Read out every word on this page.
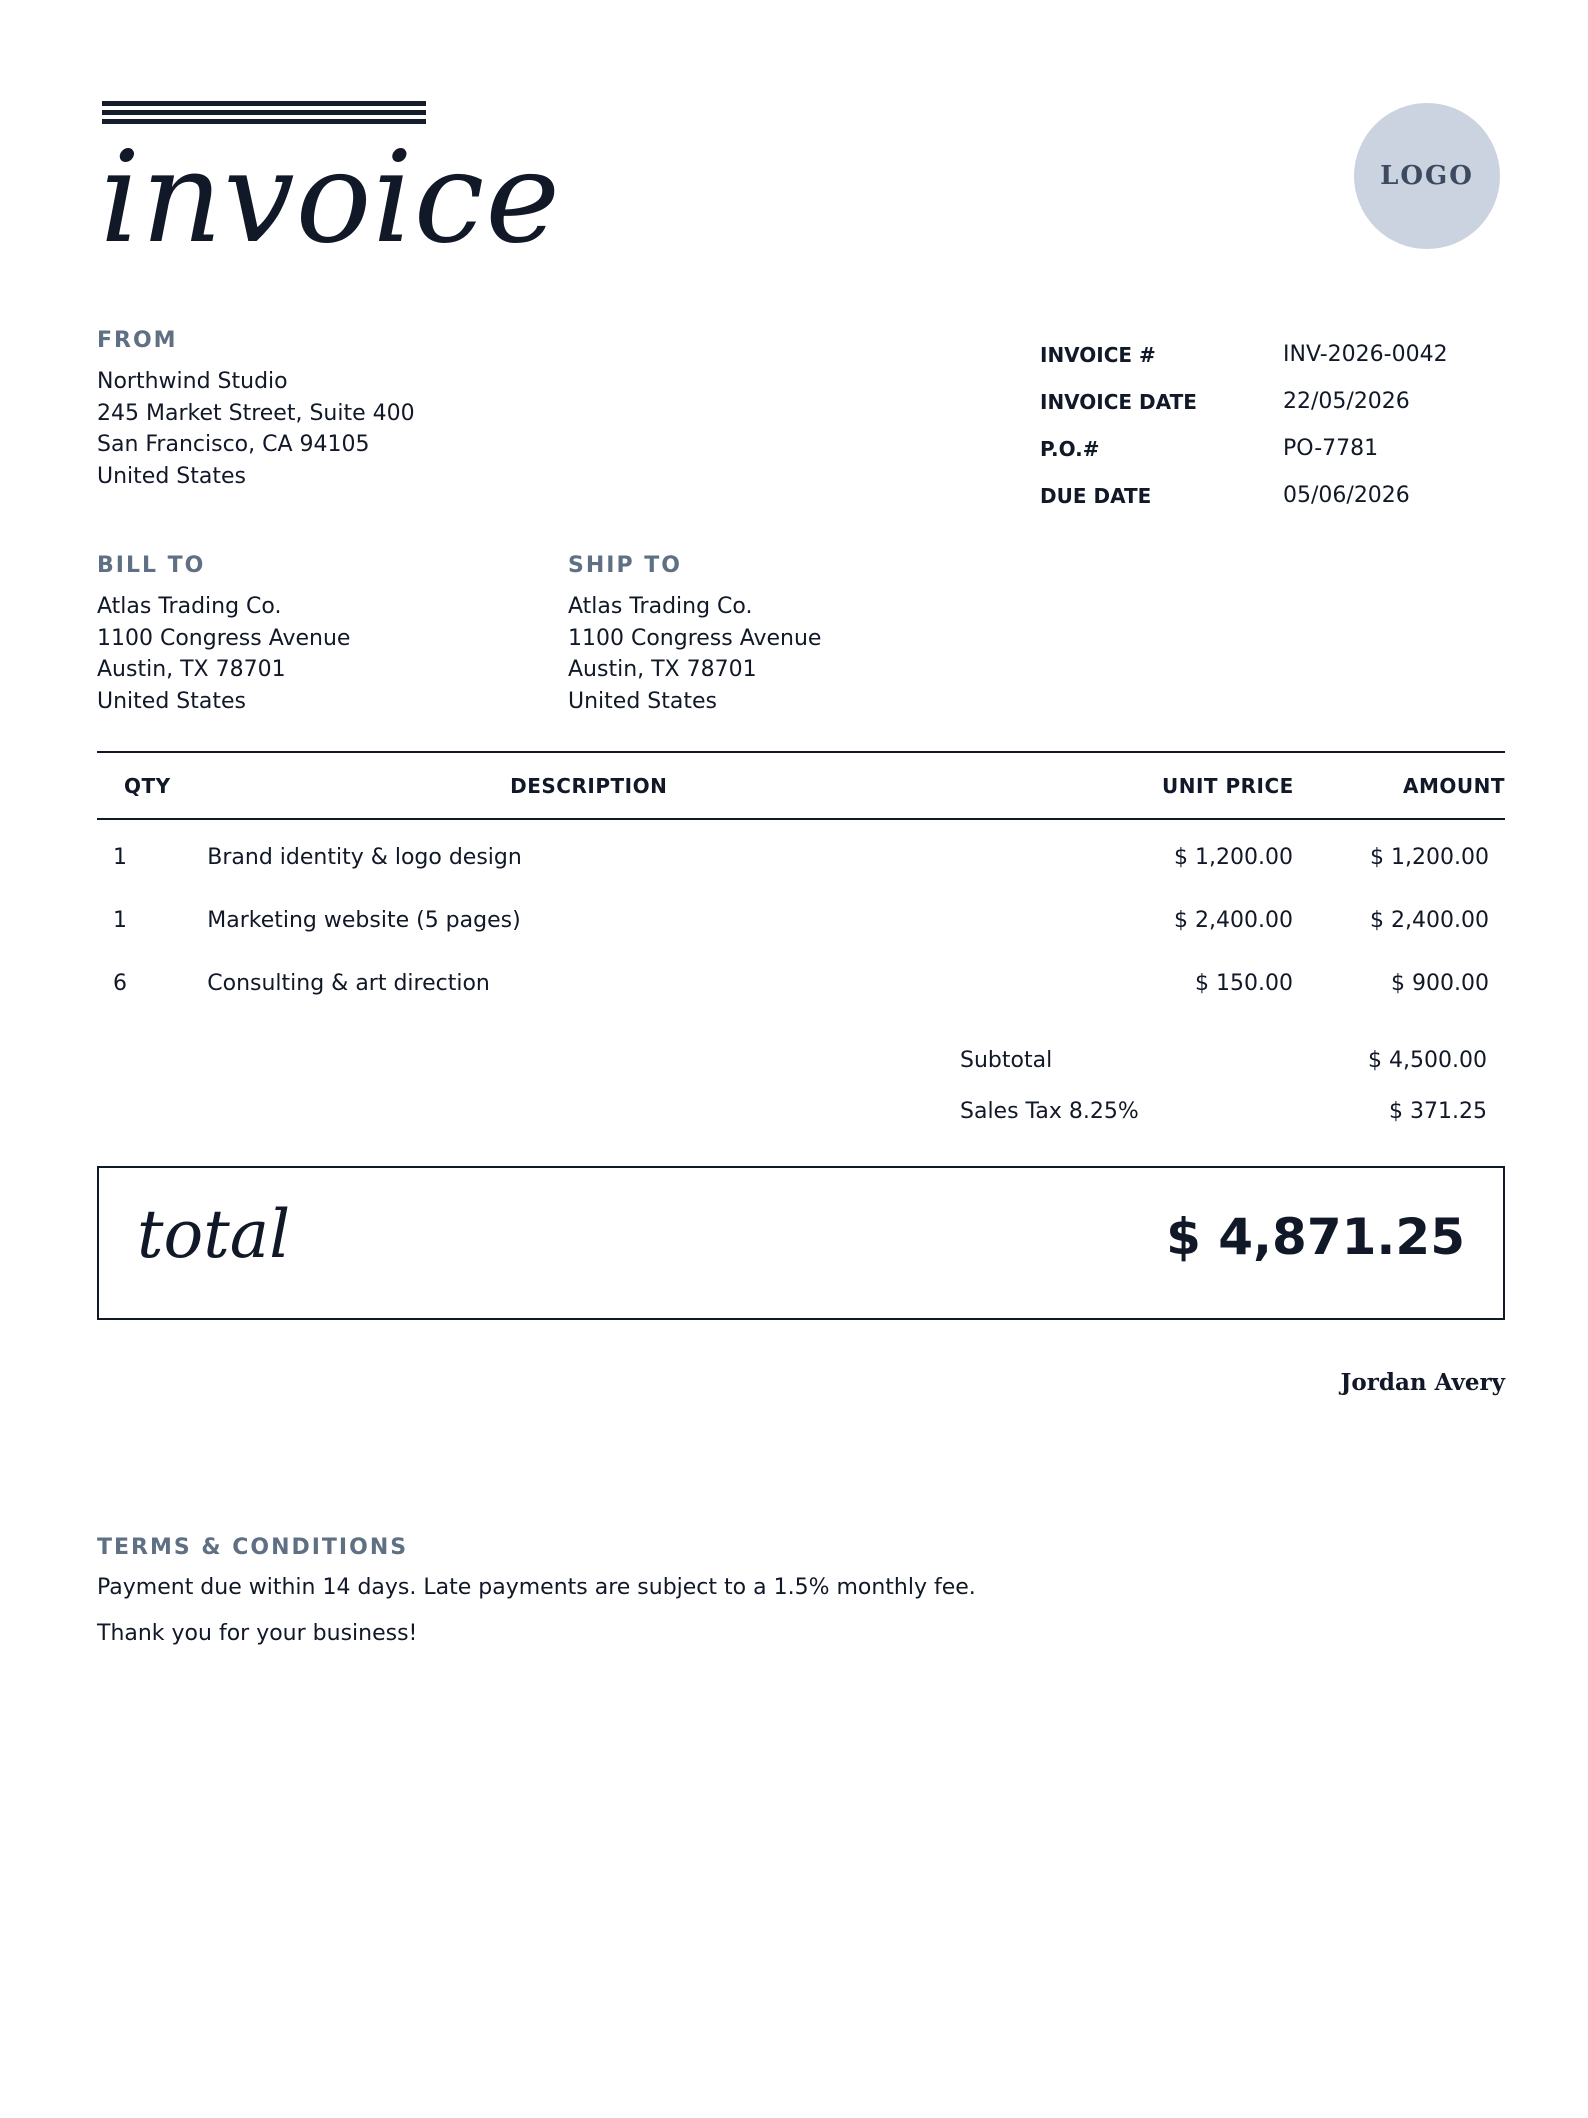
invoice	LOGO
FROM
Northwind Studio
245 Market Street, Suite 400
San Francisco, CA 94105
United States
INVOICE #	INV-2026-0042
INVOICE DATE	22/05/2026
P.O.#	PO-7781
DUE DATE	05/06/2026
BILL TO
Atlas Trading Co.
1100 Congress Avenue
Austin, TX 78701
United States
SHIP TO
Atlas Trading Co.
1100 Congress Avenue
Austin, TX 78701
United States
QTY	DESCRIPTION	UNIT PRICE	AMOUNT
1	Brand identity & logo design	$ 1,200.00	$ 1,200.00
1	Marketing website (5 pages)	$ 2,400.00	$ 2,400.00
6	Consulting & art direction	$ 150.00	$ 900.00
Subtotal	$ 4,500.00
Sales Tax 8.25%	$ 371.25
total	$ 4,871.25
Jordan Avery
TERMS & CONDITIONS
Payment due within 14 days. Late payments are subject to a 1.5% monthly fee.
Thank you for your business!
